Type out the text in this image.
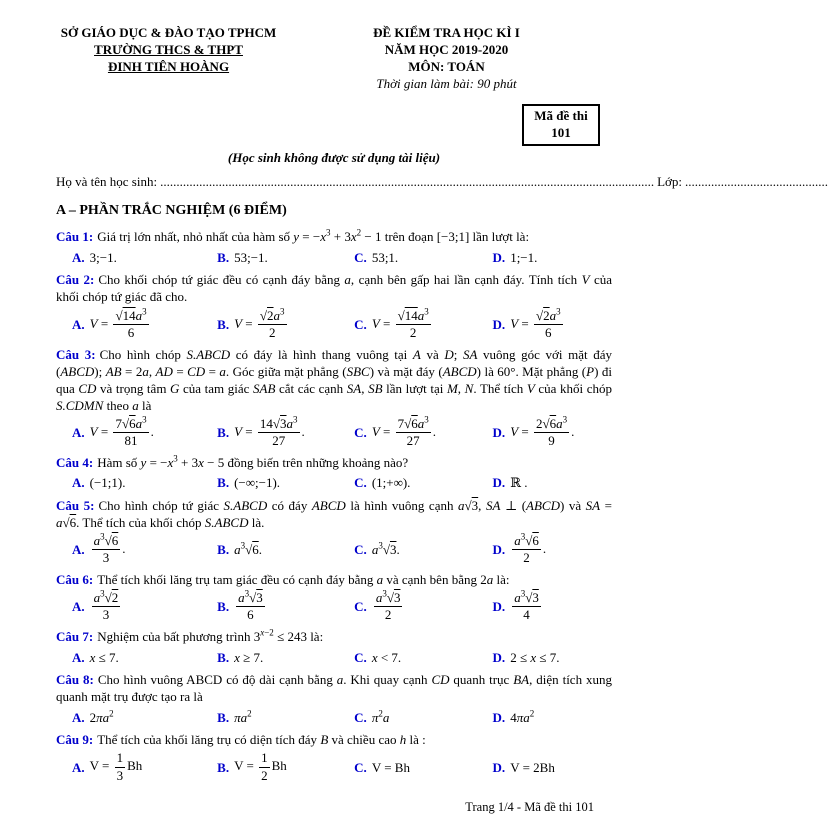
SỞ GIÁO DỤC & ĐÀO TẠO TPHCM
TRƯỜNG THCS & THPT
ĐINH TIÊN HOÀNG
ĐỀ KIỂM TRA HỌC KÌ I
NĂM HỌC 2019-2020
MÔN: TOÁN
Thời gian làm bài: 90 phút
Mã đề thi
101
(Học sinh không được sử dụng tài liệu)
Họ và tên học sinh: ........................................................................................................................................................ Lớp: ............................................
A – PHẦN TRẮC NGHIỆM (6 ĐIỂM)

Câu 1: Giá trị lớn nhất, nhỏ nhất của hàm số $y = -x^3 + 3x^2 - 1$ trên đoạn [−3;1] lần lượt là:

A. 3;−1.	B. 53;−1.	C. 53;1.	D. 1;−1.

Câu 2: Cho khối chóp tứ giác đều có cạnh đáy bằng a, cạnh bên gấp hai lần cạnh đáy. Tính tích V của khối chóp tứ giác đã cho.

A. $V = \frac{√14a^3}{6}$	B. $V = \frac{√2a^3}{2}$	C. $V = \frac{√14a^3}{2}$	D. $V = \frac{√2a^3}{6}$

Câu 3: Cho hình chóp S.ABCD có đáy là hình thang vuông tại A và D; SA vuông góc với mặt đáy (ABCD); AB = 2a, AD = CD = a. Góc giữa mặt phẳng (SBC) và mặt đáy (ABCD) là 60°. Mặt phẳng (P) đi qua CD và trọng tâm G của tam giác SAB cắt các cạnh SA, SB lần lượt tại M, N. Thể tích V của khối chóp S.CDMN theo a là

A. $V = \frac{7√6a^3}{81}$ .	B. $V = \frac{14√3a^3}{27}$ .	C. $V = \frac{7√6a^3}{27}$ .	D. $V = \frac{2√6a^3}{9}$ .

Câu 4: Hàm số $y = -x^3 + 3x - 5$ đồng biến trên những khoảng nào?

A. (−1;1).	B. (−∞;−1).	C. (1;+∞).	D. ℝ .

Câu 5: Cho hình chóp tứ giác S.ABCD có đáy ABCD là hình vuông cạnh a√3, SA ⊥ (ABCD) và SA = a√6. Thể tích của khối chóp S.ABCD là.

A. $\frac{a^3√6}{3}$ .	B. $a^3√6$.	C. $a^3√3$.	D. $\frac{a^3√6}{2}$ .

Câu 6: Thể tích khối lăng trụ tam giác đều có cạnh đáy bằng a và cạnh bên bằng 2a là:

A. $\frac{a^3√2}{3}$	B. $\frac{a^3√3}{6}$	C. $\frac{a^3√3}{2}$	D. $\frac{a^3√3}{4}$

Câu 7: Nghiệm của bất phương trình $3^{x-2} \le 243$ là:

A. x ≤ 7.	B. x ≥ 7.	C. x < 7.	D. 2 ≤ x ≤ 7.

Câu 8: Cho hình vuông ABCD có độ dài cạnh bằng a. Khi quay cạnh CD quanh trục BA, diện tích xung quanh mặt trụ được tạo ra là

A. $2\pi a^2$	B. $\pi a^2$	C. $\pi^2a$	D. $4\pi a^2$

Câu 9: Thể tích của khối lăng trụ có diện tích đáy B và chiều cao h là :

A. $V = \frac{1}{3}$ Bh	B. $V = \frac{1}{2}$ Bh	C. V = Bh	D. V = 2Bh
Trang 1/4 - Mã đề thi 101
